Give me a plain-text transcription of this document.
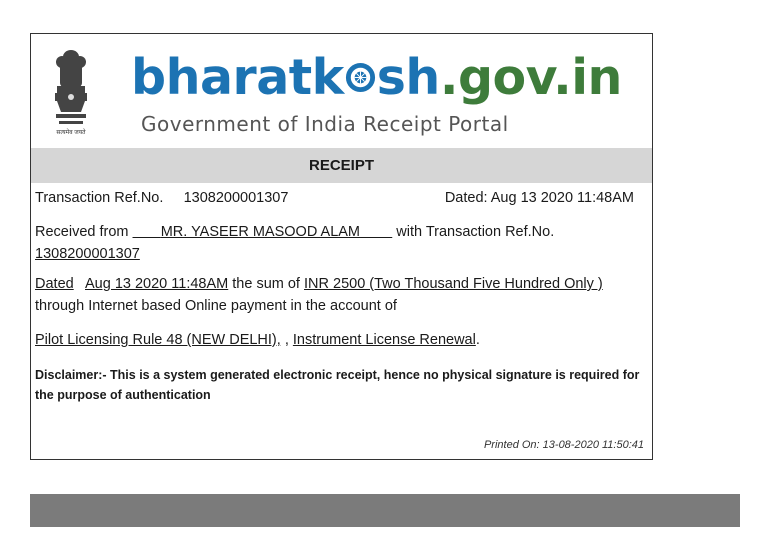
सत्यमेव जयते
bharatk sh.gov.in
Government of India Receipt Portal
RECEIPT
Transaction Ref.No. 1308200001307	Dated: Aug 13 2020 11:48AM
Received from MR. YASEER MASOOD ALAM	with Transaction Ref.No.
1308200001307
Dated Aug 13 2020 11:48AM the sum of INR 2500 (Two Thousand Five Hundred Only ) through Internet based Online payment in the account of
Pilot Licensing Rule 48 (NEW DELHI), , Instrument License Renewal.
Disclaimer:- This is a system generated electronic receipt, hence no physical signature is required for the purpose of authentication
Printed On: 13-08-2020 11:50:41
